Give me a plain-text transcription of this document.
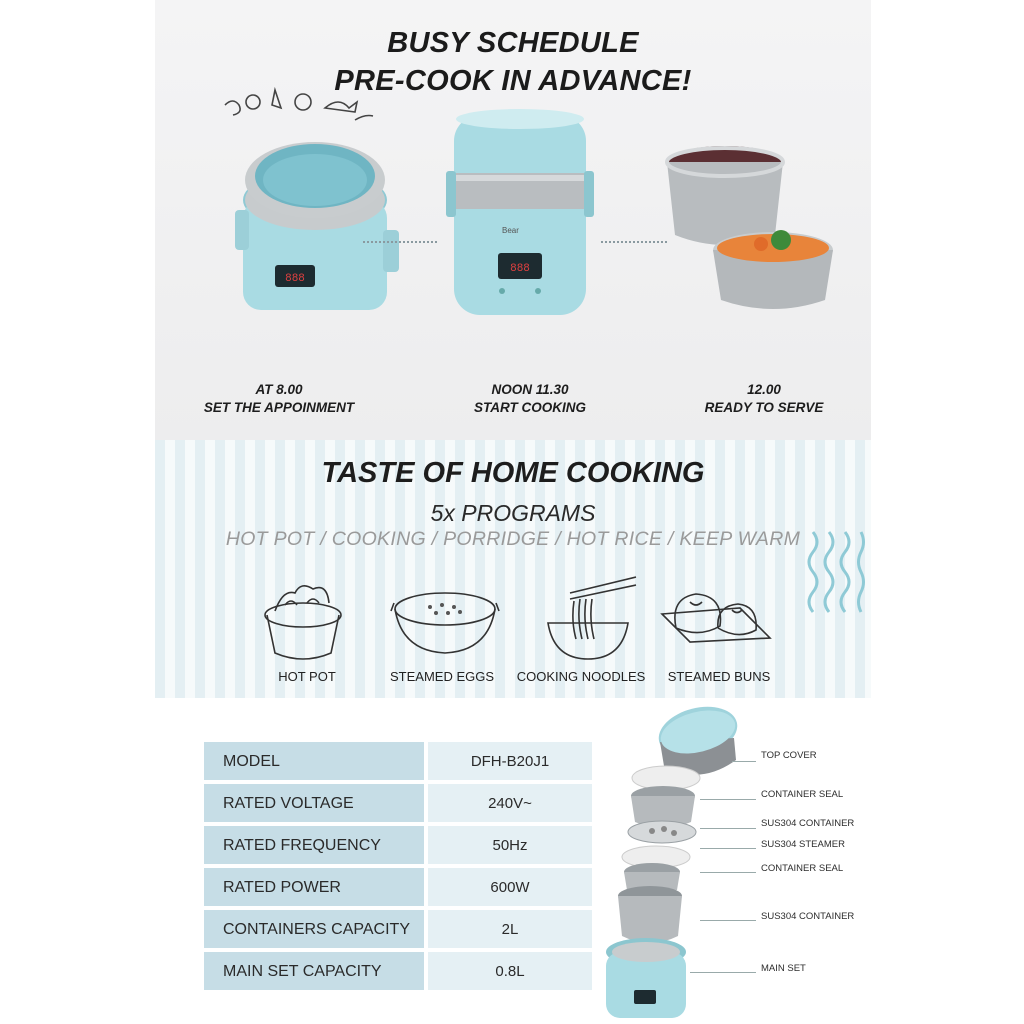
BUSY SCHEDULE
PRE-COOK IN ADVANCE!
888
888
Bear
AT 8.00
SET THE APPOINMENT
NOON 11.30
START COOKING
12.00
READY TO SERVE
TASTE OF HOME COOKING
5x PROGRAMS
HOT POT / COOKING / PORRIDGE / HOT RICE / KEEP WARM
HOT POT	STEAMED EGGS	COOKING NOODLES	STEAMED BUNS
MODEL	DFH-B20J1
RATED VOLTAGE	240V~
RATED FREQUENCY	50Hz
RATED POWER	600W
CONTAINERS CAPACITY	2L
MAIN SET CAPACITY	0.8L
TOP COVER
CONTAINER SEAL
SUS304 CONTAINER
SUS304 STEAMER
CONTAINER SEAL
SUS304 CONTAINER
MAIN SET
